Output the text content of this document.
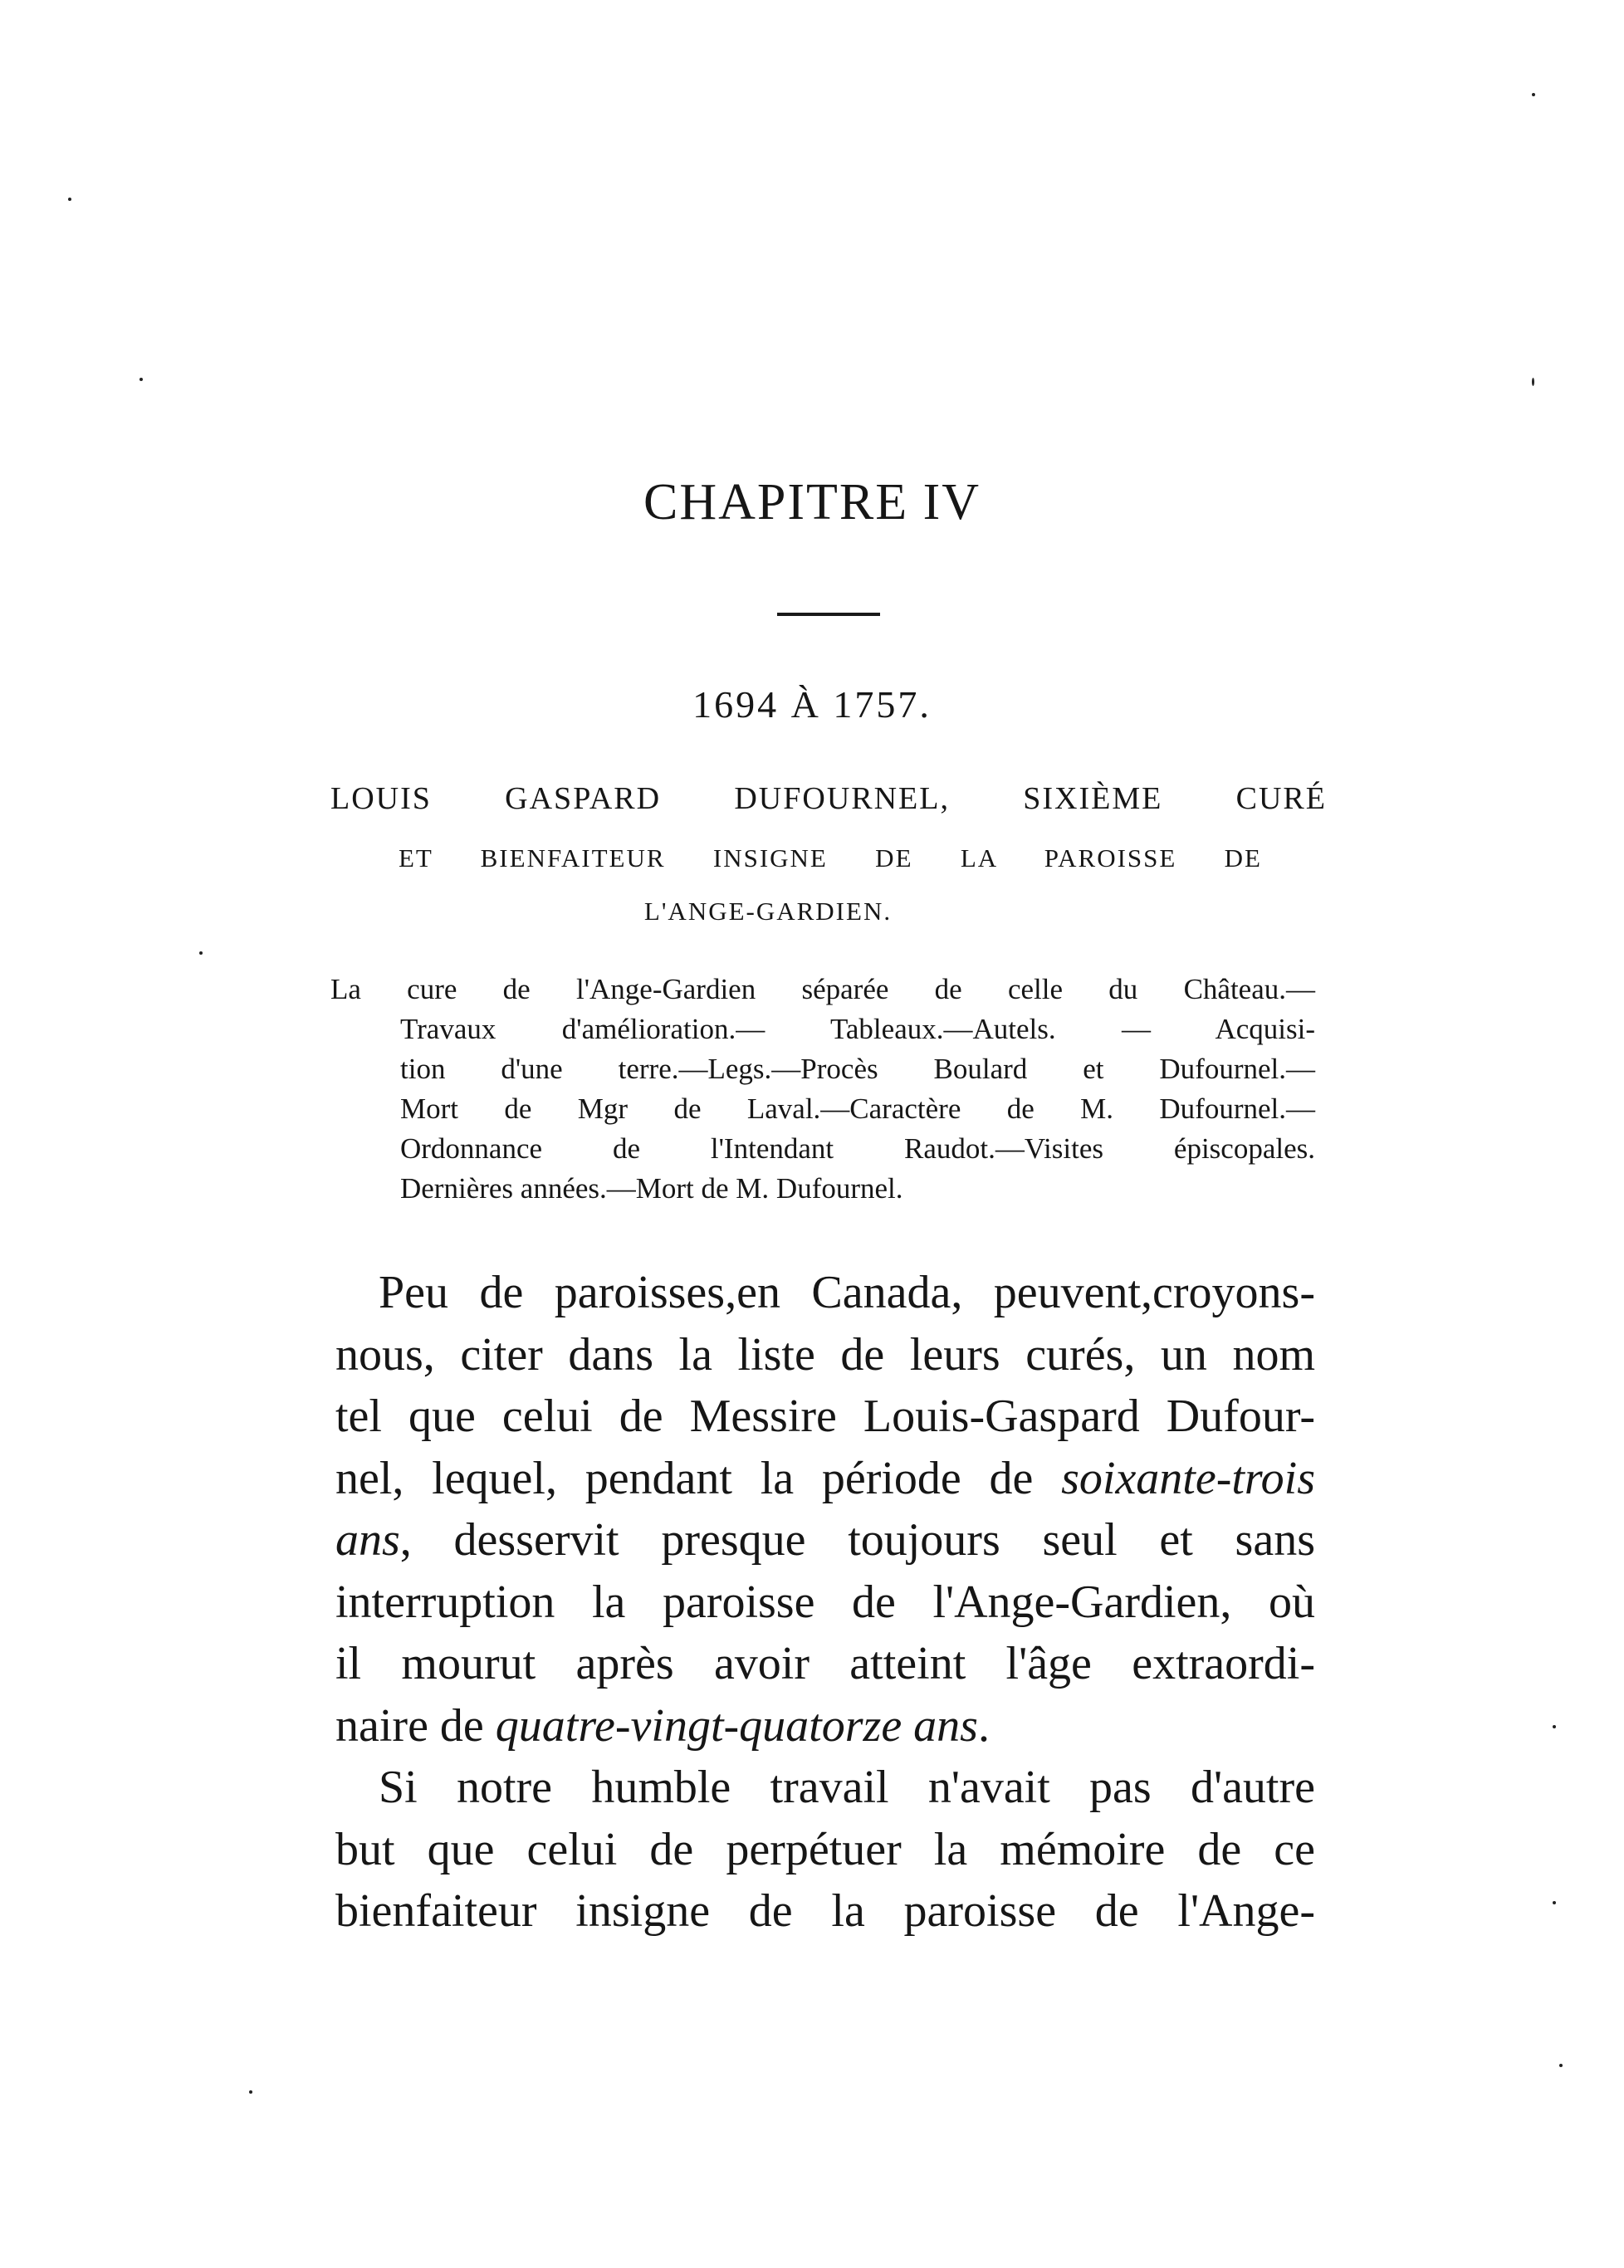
CHAPITRE IV
1694 À 1757.
LOUIS GASPARD DUFOURNEL, SIXIÈME CURÉ
ET BIENFAITEUR INSIGNE DE LA PAROISSE DE
L'ANGE-GARDIEN.
La cure de l'Ange-Gardien séparée de celle du Château.—
Travaux d'amélioration.— Tableaux.—Autels. — Acquisi-
tion d'une terre.—Legs.—Procès Boulard et Dufournel.—
Mort de Mgr de Laval.—Caractère de M. Dufournel.—
Ordonnance de l'Intendant Raudot.—Visites épiscopales.
Dernières années.—Mort de M. Dufournel.
Peu de paroisses,en Canada, peuvent,croyons-
nous, citer dans la liste de leurs curés, un nom
tel que celui de Messire Louis-Gaspard Dufour-
nel, lequel, pendant la période de soixante-trois
ans, desservit presque toujours seul et sans
interruption la paroisse de l'Ange-Gardien, où
il mourut après avoir atteint l'âge extraordi-
naire de quatre-vingt-quatorze ans.
Si notre humble travail n'avait pas d'autre
but que celui de perpétuer la mémoire de ce
bienfaiteur insigne de la paroisse de l'Ange-
